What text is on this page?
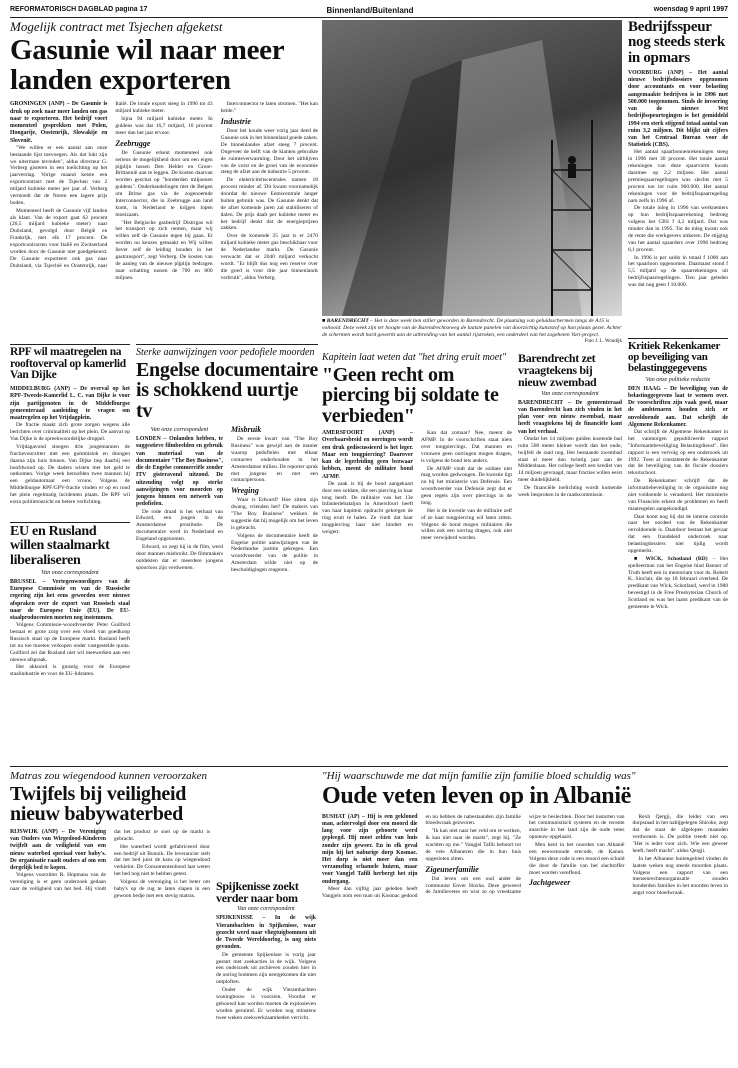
REFORMATORISCH DAGBLAD pagina 17	Binnenland/Buitenland	woensdag 9 april 1997
Mogelijk contract met Tsjechen afgeketst
Gasunie wil naar meer landen exporteren
GRONINGEN (ANP) – De Gasunie is druk op zoek naar meer landen om gas naar te exporteren. Het bedrijf voert momenteel gesprekken met Polen, Hongarije, Oostenrijk, Slowakije en Slovenië.

"We willen er een aantal aan onze bestaande lijst toevoegen. Als dat lukt zijn we uitermate tevreden", aldus directeur G. Verberg gisteren in een toelichting op het jaarverslag. Vorige maand ketste een exportcontract met de Tsjechen van 2 miljard kubieke meter per jaar af. Verberg vermoedt dat de Noren een lagere prijs boden.

Momenteel heeft de Gasunie vijf landen als klant. Van de export gaat 62 procent (26,5 miljard kubieke meter) naar Duitsland, gevolgd door België en Frankrijk, met elk 17 procent. De exportcontracten voor Italië en Zwitserland worden door de Gasunie niet goedgekeurd. De Gasunie exporteert ook gas naar Duitsland, via Tsjechië en Oostenrijk, naar Italië. De totale export steeg in 1996 tot 43 miljard kubieke meter.

bijna 94 miljard kubieke meter. In guldens was dat 16,7 miljard, 10 procent meer dan het jaar ervoor.

Zeebrugge

De Gasunie erkent momenteel ook serieus de mogelijkheid door om een eigen pijplijn tussen Den Helder en Groot-Brittannië aan te leggen. De kosten daarvan worden geschat op "honderden miljoenen guldens". Onderhandelingen met de Belgen om Britse gas via de zogenoemde Interconnector, die in Zeebrugge aan land komt, in Nederland te krijgen lopen moeizaam.

"Het Belgische gasbedrijf Distrigas wil het transport op zich nemen, maar wij willen zelf de Gasunie tegen bij gaan. Er worden nu keuzes gemaakt en Wij willen liever zelf de leiding houden in het gastransport", zegt Verberg. De kosten van de aanleg van de nieuwe pijplijn bedragen naar schatting tussen de 700 en 800 miljoen.

Interconnector te laten stromen. "Het kan beide."

Industrie

Door het koude weer vorig jaar deed de Gasunie ook in het binnenland goede zaken. De binnenlandse afzet steeg 7 procent. Ongeveer de helft van de klanten gebruikte de ruimteverwarming. Door het uitblijven van de vorst en de groei van de economie steeg de afzet aan de industrie 5 procent.

De elektriciteitscentrales namen 18 procent minder af. Dit kwam voornamelijk doordat de nieuwe Eemscentrale langer buiten gebruik was. De Gasunie denkt dat de afzet komende jaren zal stabiliseren of dalen. De prijs daalt per kubieke meter en het bedrijf denkt dat de energieprijzen zakken.

Over de komende 25 jaar is er 2470 miljard kubieke meter gas beschikbaar voor de Nederlandse markt. De Gasunie verwacht dat er 2040 miljard verkocht wordt. "Er blijft dus nog een reserve over die goed is voor drie jaar binnenlands verbruik", aldus Verberg.

■ BARENDRECHT – Het is deze week tien stiller geworden in Barendrecht. De plaatsing van geluidsschermen langs de A15 is voltooid. Deze week zijn ter hoogte van de Barendrechtseweg de laatste panelen van doorzichtig kunststof op hun plaats gezet. Achter de schermen wordt hard gewerkt aan de uitbreiding van het aantal rijstroken, een onderdeel van het zogeheten Vari-project.
Foto J. L. Woudijk
Bedrijfsspeur nog steeds sterk in opmars
VOORBURG (ANP) – Het aantal nieuwe bedrijfsdossiers opgenomen door accountants en voor belasting aangemaakte bedrijven is in 1996 met 500.000 toegenomen. Sinds de invoering van de nieuwe Wet bedrijfsspeurtegingen is het gemiddeld 1994 een sterk stijgend totaal aantal van ruim 3,2 miljoen. Dit blijkt uit cijfers van het Centraal Bureau voor de Statistiek (CBS).

Het aantal spaarbonnenrekeningen steeg in 1996 met 30 procent. Het totale aantal rekeningen van deze spaarvorm kwam daarmee op 2,2 miljoen. Het aantal premiespaarregelingen was slechts met 5 procent toe tot ruim 900.000. Het aantal rekeningen voor de bedrijfsspaarregeling nam zelfs in 1996 af.

De totale inleg in 1996 van werknemers op hun bedrijfsspaarrekening bedroeg volgens het CBS f 4,2 miljard. Dat was minder dan in 1995. Tot de inleg kwam ook de rente die werkgevers uitkeren. De stijging van het aantal spaarders over 1996 bedroeg 6,1 procent.

In 1996 is per saldo in totaal f 1000 aan het spaarloon opgenomen. Daarnaast stond f 5,5 miljard op de spaarrekeningen uit bedrijfsspaarregelingen. Tien jaar geleden was dat nog geen f 10.000.

Kritiek Rekenkamer op beveiliging van belastinggegevens
Van onze politieke redactie
DEN HAAG – De beveiliging van de belastinggegevens laat te wensen over. De voorschriften zijn vaak goed, maar de ambtenaren houden zich er onvoldoende aan. Dat schrijft de Algemene Rekenkamer.

Dat schrijft de Algemene Rekenkamer in het vanmorgen gepubliceerde rapport "Informatiebeveiliging Belastingdienst". Het rapport is een vervolg op een onderzoek uit 1992. Toen al constateerde de Rekenkamer dat de beveiliging van de fiscale dossiers tekortschoot.

De Rekenkamer schrijft dat de informatiebeveiliging in de organisatie nog niet voldoende is verankerd. Het ministerie van Financiën erkent de problemen en heeft maatregelen aangekondigd.

Daar komt nog bij dat de interne controle naar het oordeel van de Rekenkamer onvoldoende is. Daardoor bestaat het gevaar dat een fraudeleid onderzoek naar belastingdossiers niet tijdig wordt opgemerkt.

■ WICK, Schotland (RD) – Het spelleerman van het Engelse blad Banner of Truth heeft een in memoriam voor ds. Robert K. Sinclair, die op 18 februari overleed. De predikant van Wick, Schotland, werd in 1988 bevestigd in de Free Presbyterian Church of Scotland en was het laatst predikant van de gemeente te Wick.

RPF wil maatregelen na rooftoverval op kamerlid Van Dijke
MIDDELBURG (ANP) – De overval op het RPF-Tweede-Kamerlid L. C. van Dijke is voor zijn partijgenoten in de Middelburgse gemeenteraad aanleiding te vragen om maatregelen op het Vrijdagplein.

De fractie maakt zich grote zorgen wegens alle berichten over criminaliteit op het plein. De aanval op Van Dijke is de spreekwoordelijke druppel.

Vrijdagavond sloegen drie jongemannen de fractievoorzitter met een gummistok en drongen daarna zijn huis binnen. Van Dijke liep daarbij een hoofdwond op. De daders wisten met het geld te ontkomen. Vorige week beroofden twee mannen bij een geldautomaat een vrouw. Volgens de Middelburgse RPF/GPV-fractie vinden er op en rond het plein regelmatig incidenten plaats. De RPF wil extra politietoezicht en betere verlichting.

EU en Rusland willen staalmarkt liberaliseren
Van onze correspondent
BRUSSEL – Vertegenwoordigers van de Europese Commissie en van de Russische regering zijn het eens geworden over nieuwe afspraken over de export van Russisch staal naar de Europese Unie (EU). De EU-staalproducenten moeten nog instemmen.

Volgens Commissie-woordvoerder Peter Guilford bestaat er grote zorg over een vloed van goedkoop Russisch staal op de Europese markt. Rusland heeft tot nu toe moeten verkopen onder vastgestelde quota. Guilford zei dat Rusland niet wil meewerken aan een nieuwe afspraak.

Het akkoord is gunstig voor de Europese staalindustrie en voor de EU-lidstaten.

Sterke aanwijzingen voor pedofiele moorden
Engelse documentaire is schokkend uurtje tv
Van onze correspondent
LONDEN – Onlanden hebben, te suggestieve filmbeelden en gebruik van materiaal van de documentaire "The Boy Business", die de Engelse commerciële zender ITV gisteravond uitzond. De uitzending volgt op sterke aanwijzingen voor moorden op jongens binnen een netwerk van pedofielen.

De rode draad is het verhaal van Edward, een jongen in de Amsterdamse prostitutie. De documentaire werd in Nederland en Engeland opgenomen.

Edward, zo zegt hij in de film, werd door mannen misbruikt. De filmmakers ontdekten dat er meerdere jongens spoorloos zijn verdwenen.

Misbruik

De eerste kwart van "The Boy Business" was gewijd aan de manier waarop pedofielen met elkaar contacten onderhouden in het Amsterdamse milieu. De reporter sprak met jongens en met een contactpersoon.

Wreging

Waar is Edward? Hoe zitten zijn dwang, vrienden het? De makers van "The Boy Business" wekken de suggestie dat hij mogelijk om het leven is gebracht.

Volgens de documentaire heeft de Engelse politie aanwijzingen van de Nederlandse justitie gekregen. Een woordvoerder van de politie in Amsterdam wilde niet op de beschuldigingen reageren.

Kapitein laat weten dat "het dring eruit moet"
"Geen recht om piercing bij soldate te verbieden"
AMERSFOORT (ANP) – Overbaarsbreid en oorringen wordt een druk gediscussieerd is het leger. Maar een tongpiercing? Daarover kan de legerleiding geen bezwaar hebben, meent de militaire bond AFMP.

De zaak is bij de bond aangekaart door een soldate, die een piercing in haar tong heeft. De militaire van het 13e Infanteriebataljon in Amersfoort heeft van haar kapitein opdracht gekregen de ring eruit te halen. Ze vindt dat haar tongpiercing haar niet hindert en weigert.

Kan dat zomaar? Nee, meent de AFMP. In de voorschriften staat niets over tongpiercings. Dat mannen en vrouwen geen oorringen mogen dragen, is volgens de bond iets anders.

De AFMP vindt dat de soldate niet mag worden gedwongen. De kwestie ligt nu bij het ministerie van Defensie. Een woordvoerder van Defensie zegt dat er geen regels zijn over piercings in de tong.

Het is de kwestie van de militaire zelf of ze haar tongpiercing wil laten zitten. Volgens de bond mogen militairen die willen ook een oorring dragen, ook niet meer verwijderd worden.

Barendrecht zet vraagtekens bij nieuw zwembad
Van onze correspondent
BARENDRECHT – De gemeenteraad van Barendrecht kan zich vinden in het plan voor een nieuw zwembad, maar heeft vraagtekens bij de financiële kant van het verhaal.

Omdat het 14 miljoen gulden kostende bad ruim 500 meter kleiner wordt dan het oude, twijfelt de raad nog. Het bestaande zwembad staat al meer dan twintig jaar aan de Middenbaan. Het college heeft een krediet van 14 miljoen gevraagd, maar fracties willen eerst meer duidelijkheid.

De financiële toelichting wordt komende week besproken in de raadscommissie.

Matras zou wiegendood kunnen veroorzaken
Twijfels bij veiligheid nieuw babywaterbed
RIJSWIJK (ANP) – De Vereniging van Ouders van Wiegedood-Kinderen twijfelt aan de veiligheid van een nieuw waterbed speciaal voor baby's. De organisatie raadt ouders af om een dergelijk bed te kopen.

Volgens voorzitter R. Hopmans van de vereniging is er geen onderzoek gedaan naar de veiligheid van het bed. Hij vindt dat het product te snel op de markt is gebracht.

Het waterbed wordt gefabriceerd door een bedrijf uit Bunnik. De leverancier stelt dat het bed juist de kans op wiegendood verkleint. De Consumentenbond laat weten het bed nog niet te hebben getest.

Volgens de vereniging is het beter om baby's op de rug te laten slapen in een gewoon bedje met een stevig matras.

Spijkenisse zoekt verder naar bom
Van onze correspondent
SPIJKENISSE – In de wijk Vierambachten in Spijkenisse, waar gezocht werd naar vliegtuigbommen uit de Tweede Wereldoorlog, is nog niets gevonden.

De gemeente Spijkenisse is vorig jaar gestart met zoekacties in de wijk. Volgens een onderzoek uit archieven zouden hier in de oorlog bommen zijn neergekomen die niet ontploften.

Onder de wijk Vierambachten woningbouw is voorzien. Voordat er gebouwd kan worden moeten de explosieven worden geruimd. Er worden nog minstens twee weken zoekwerkzaamheden verricht.

"Hij waarschuwde me dat mijn familie zijn familie bloed schuldig was"
Oude veten leven op in Albanië
BUSHAT (AP) – Hij is een gekloned man, achtervolgd door een moord die lang voor zijn geboorte werd gepleegd. Hij moet zelden van huis zonder zijn geweer. En in elk geval mijn hij het naburige dorp Kosmac. Het dorp is niet meer dan een verzameling schamele huizen, maar voor Vangjel Tafili herbergt het zijn ondergang.

Meer dan vijftig jaar geleden heeft Vangjels oom een man uit Kosmac gedood en nu hebben de nabestaanden zijn familie bloedwraak gezworen.

"Ik kan niet naar het veld om te werken, ik kan niet naar de markt", zegt hij. "Ze wachten op me." Vangjel Tafili behoort tot de vele Albanezen die in hun huis opgesloten zitten.

Zigeunerfamilie

Dat leven om een oud ander de communist Enver Hoxha. Deze geweerd de familievetes en wist ze op vreedzame wijze te beslechten. Door het instorten van het communistisch systeem en de recente anarchie in het land zijn de oude vetes opnieuw opgelaaid.

Men kent in het noorden van Albanië een eeuwenoude erecode, de Kanun. Volgens deze code is een moord een schuld die door de familie van het slachtoffer moet worden vereffend.

Jachtgeweer

Rexh Qergji, die leider van een dorpsraad in het nabijgelegen Shiroke, zegt dat de staat de afgelopen maanden verdwenen is. De politie treedt niet op. "Het is ieder voor zich. Wie een geweer heeft, heeft macht", aldus Qergji.

In het Albanese buitengebied vinden de laatste weken nog steeds moorden plaats. Volgens een rapport van een mensenrechtenorganisatie zouden honderden families in het noorden leven in angst voor bloedwraak.
